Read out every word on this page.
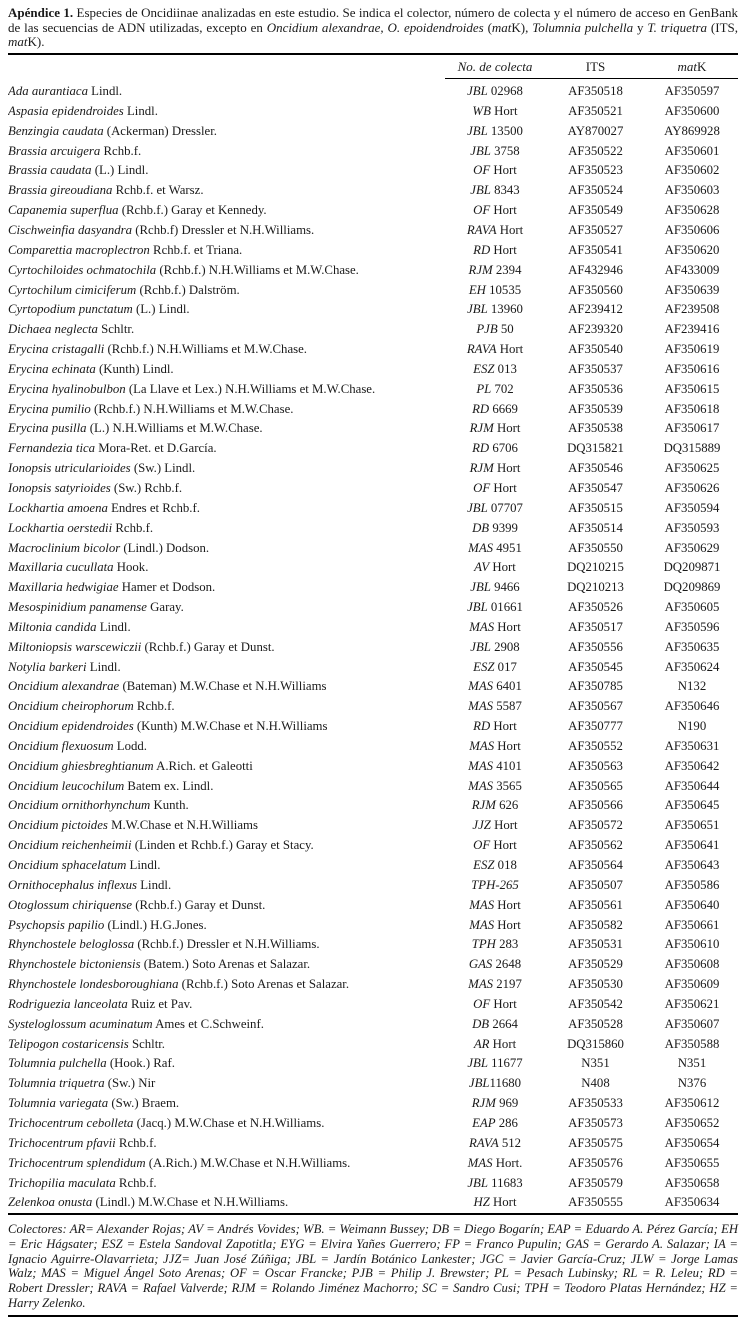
Apéndice 1. Especies de Oncidiinae analizadas en este estudio. Se indica el colector, número de colecta y el número de acceso en GenBank de las secuencias de ADN utilizadas, excepto en Oncidium alexandrae, O. epoidendroides (matK), Tolumnia pulchella y T. triquetra (ITS, matK).

	No. de colecta	ITS	matK
Ada aurantiaca Lindl.	JBL 02968	AF350518	AF350597
Aspasia epidendroides Lindl.	WB Hort	AF350521	AF350600
Benzingia caudata (Ackerman) Dressler.	JBL 13500	AY870027	AY869928
Brassia arcuigera Rchb.f.	JBL 3758	AF350522	AF350601
Brassia caudata (L.) Lindl.	OF Hort	AF350523	AF350602
Brassia gireoudiana Rchb.f. et Warsz.	JBL 8343	AF350524	AF350603
Capanemia superflua (Rchb.f.) Garay et Kennedy.	OF Hort	AF350549	AF350628
Cischweinfia dasyandra (Rchb.f) Dressler et N.H.Williams.	RAVA Hort	AF350527	AF350606
Comparettia macroplectron Rchb.f. et Triana.	RD Hort	AF350541	AF350620
Cyrtochiloides ochmatochila (Rchb.f.) N.H.Williams et M.W.Chase.	RJM 2394	AF432946	AF433009
Cyrtochilum cimiciferum (Rchb.f.) Dalström.	EH 10535	AF350560	AF350639
Cyrtopodium punctatum (L.) Lindl.	JBL 13960	AF239412	AF239508
Dichaea neglecta Schltr.	PJB 50	AF239320	AF239416
Erycina cristagalli (Rchb.f.) N.H.Williams et M.W.Chase.	RAVA Hort	AF350540	AF350619
Erycina echinata (Kunth) Lindl.	ESZ 013	AF350537	AF350616
Erycina hyalinobulbon (La Llave et Lex.) N.H.Williams et M.W.Chase.	PL 702	AF350536	AF350615
Erycina pumilio (Rchb.f.) N.H.Williams et M.W.Chase.	RD 6669	AF350539	AF350618
Erycina pusilla (L.) N.H.Williams et M.W.Chase.	RJM Hort	AF350538	AF350617
Fernandezia tica Mora-Ret. et D.García.	RD 6706	DQ315821	DQ315889
Ionopsis utricularioides (Sw.) Lindl.	RJM Hort	AF350546	AF350625
Ionopsis satyrioides (Sw.) Rchb.f.	OF Hort	AF350547	AF350626
Lockhartia amoena Endres et Rchb.f.	JBL 07707	AF350515	AF350594
Lockhartia oerstedii Rchb.f.	DB 9399	AF350514	AF350593
Macroclinium bicolor (Lindl.) Dodson.	MAS 4951	AF350550	AF350629
Maxillaria cucullata Hook.	AV Hort	DQ210215	DQ209871
Maxillaria hedwigiae Hamer et Dodson.	JBL 9466	DQ210213	DQ209869
Mesospinidium panamense Garay.	JBL 01661	AF350526	AF350605
Miltonia candida Lindl.	MAS Hort	AF350517	AF350596
Miltoniopsis warscewiczii (Rchb.f.) Garay et Dunst.	JBL 2908	AF350556	AF350635
Notylia barkeri Lindl.	ESZ 017	AF350545	AF350624
Oncidium alexandrae (Bateman) M.W.Chase et N.H.Williams	MAS 6401	AF350785	N132
Oncidium cheirophorum Rchb.f.	MAS 5587	AF350567	AF350646
Oncidium epidendroides (Kunth) M.W.Chase et N.H.Williams	RD Hort	AF350777	N190
Oncidium flexuosum Lodd.	MAS Hort	AF350552	AF350631
Oncidium ghiesbreghtianum A.Rich. et Galeotti	MAS 4101	AF350563	AF350642
Oncidium leucochilum Batem ex. Lindl.	MAS 3565	AF350565	AF350644
Oncidium ornithorhynchum Kunth.	RJM 626	AF350566	AF350645
Oncidium pictoides M.W.Chase et N.H.Williams	JJZ Hort	AF350572	AF350651
Oncidium reichenheimii (Linden et Rchb.f.) Garay et Stacy.	OF Hort	AF350562	AF350641
Oncidium sphacelatum Lindl.	ESZ 018	AF350564	AF350643
Ornithocephalus inflexus Lindl.	TPH-265	AF350507	AF350586
Otoglossum chiriquense (Rchb.f.) Garay et Dunst.	MAS Hort	AF350561	AF350640
Psychopsis papilio (Lindl.) H.G.Jones.	MAS Hort	AF350582	AF350661
Rhynchostele beloglossa (Rchb.f.) Dressler et N.H.Williams.	TPH 283	AF350531	AF350610
Rhynchostele bictoniensis (Batem.) Soto Arenas et Salazar.	GAS 2648	AF350529	AF350608
Rhynchostele londesboroughiana (Rchb.f.) Soto Arenas et Salazar.	MAS 2197	AF350530	AF350609
Rodriguezia lanceolata Ruiz et Pav.	OF Hort	AF350542	AF350621
Systeloglossum acuminatum Ames et C.Schweinf.	DB 2664	AF350528	AF350607
Telipogon costaricensis Schltr.	AR Hort	DQ315860	AF350588
Tolumnia pulchella (Hook.) Raf.	JBL 11677	N351	N351
Tolumnia triquetra (Sw.) Nir	JBL11680	N408	N376
Tolumnia variegata (Sw.) Braem.	RJM 969	AF350533	AF350612
Trichocentrum cebolleta (Jacq.) M.W.Chase et N.H.Williams.	EAP 286	AF350573	AF350652
Trichocentrum pfavii Rchb.f.	RAVA 512	AF350575	AF350654
Trichocentrum splendidum (A.Rich.) M.W.Chase et N.H.Williams.	MAS Hort.	AF350576	AF350655
Trichopilia maculata Rchb.f.	JBL 11683	AF350579	AF350658
Zelenkoa onusta (Lindl.) M.W.Chase et N.H.Williams.	HZ Hort	AF350555	AF350634

Colectores: AR= Alexander Rojas; AV = Andrés Vovides; WB. = Weimann Bussey; DB = Diego Bogarín; EAP = Eduardo A. Pérez García; EH = Eric Hágsater; ESZ = Estela Sandoval Zapotitla; EYG = Elvira Yañes Guerrero; FP = Franco Pupulin; GAS = Gerardo A. Salazar; IA = Ignacio Aguirre-Olavarrieta; JJZ= Juan José Zúñiga; JBL = Jardín Botánico Lankester; JGC = Javier García-Cruz; JLW = Jorge Lamas Walz; MAS = Miguel Ángel Soto Arenas; OF = Oscar Francke; PJB = Philip J. Brewster; PL = Pesach Lubinsky; RL = R. Leleu; RD = Robert Dressler; RAVA = Rafael Valverde; RJM = Rolando Jiménez Machorro; SC = Sandro Cusi; TPH = Teodoro Platas Hernández; HZ = Harry Zelenko.
